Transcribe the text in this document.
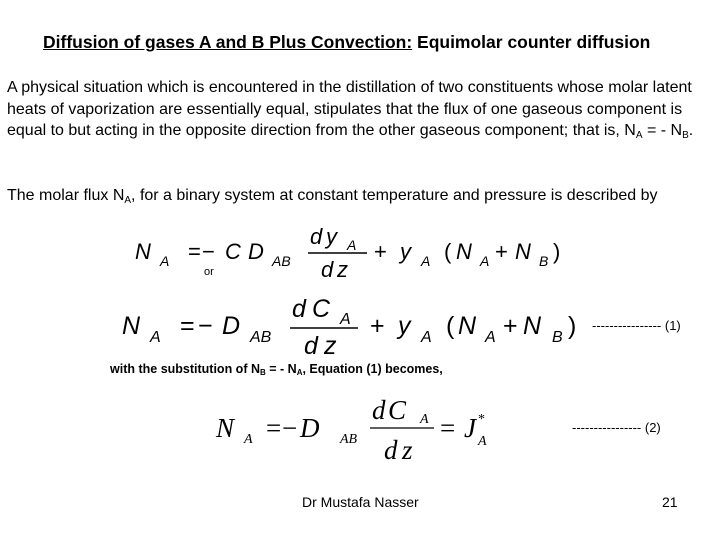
Diffusion of gases A and B Plus Convection: Equimolar counter diffusion
A physical situation which is encountered in the distillation of two constituents whose molar latent heats of vaporization are essentially equal, stipulates that the flux of one gaseous component is equal to but acting in the opposite direction from the other gaseous component; that is, $N_A$ = - $N_B$.
The molar flux $N_A$, for a binary system at constant temperature and pressure is described by
N A = − C D AB
d y A
d z
+ y A ( N A + N B )
or
N A = − D AB
d C A
d z
+ y A ( N A + N B ) ---------------- (1)
with the substitution of $N_B$ = - $N_A$, Equation (1) becomes,
N A = − D AB
d C A
d z
= J *
A
---------------- (2)
Dr Mustafa Nasser	21
